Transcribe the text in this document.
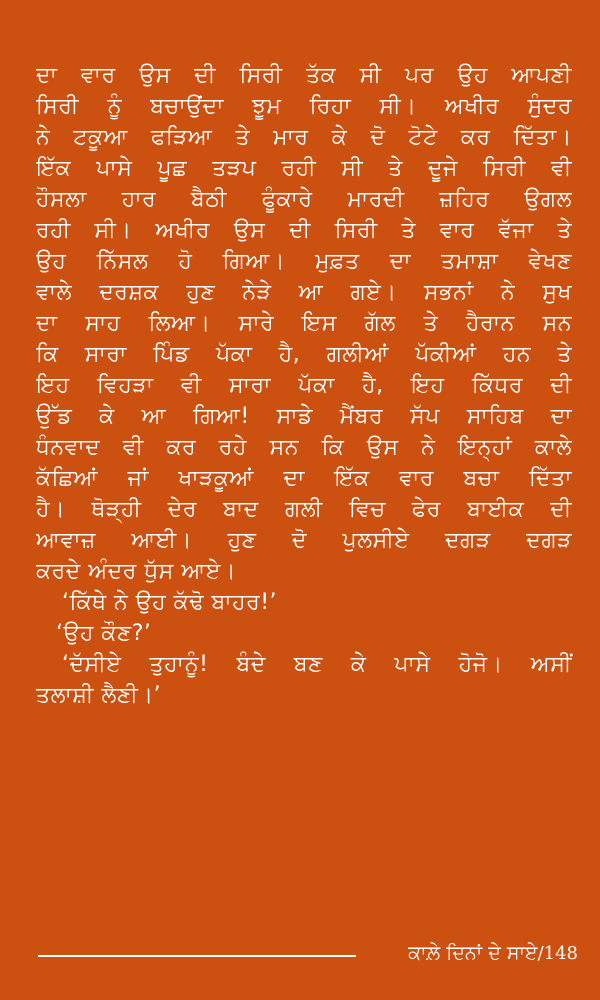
ਦਾ ਵਾਰ ਉਸ ਦੀ ਸਿਰੀ ਤੱਕ ਸੀ ਪਰ ਉਹ ਆਪਣੀ
ਸਿਰੀ ਨੂੰ ਬਚਾਉਂਦਾ ਝੂਮ ਰਿਹਾ ਸੀ। ਅਖੀਰ ਸੁੰਦਰ
ਨੇ ਟਕੂਆ ਫੜਿਆ ਤੇ ਮਾਰ ਕੇ ਦੋ ਟੋਟੇ ਕਰ ਦਿੱਤਾ।
ਇੱਕ ਪਾਸੇ ਪੂਛ ਤੜਪ ਰਹੀ ਸੀ ਤੇ ਦੂਜੇ ਸਿਰੀ ਵੀ
ਹੌਸਲਾ ਹਾਰ ਬੈਠੀ ਫੂੰਕਾਰੇ ਮਾਰਦੀ ਜ਼ਹਿਰ ਉਗਲ
ਰਹੀ ਸੀ। ਅਖੀਰ ਉਸ ਦੀ ਸਿਰੀ ਤੇ ਵਾਰ ਵੱਜਾ ਤੇ
ਉਹ ਨਿੱਸਲ ਹੋ ਗਿਆ। ਮੁਫ਼ਤ ਦਾ ਤਮਾਸ਼ਾ ਵੇਖਣ
ਵਾਲੇ ਦਰਸ਼ਕ ਹੁਣ ਨੇੜੇ ਆ ਗਏ। ਸਭਨਾਂ ਨੇ ਸੁਖ
ਦਾ ਸਾਹ ਲਿਆ। ਸਾਰੇ ਇਸ ਗੱਲ ਤੇ ਹੈਰਾਨ ਸਨ
ਕਿ ਸਾਰਾ ਪਿੰਡ ਪੱਕਾ ਹੈ, ਗਲੀਆਂ ਪੱਕੀਆਂ ਹਨ ਤੇ
ਇਹ ਵਿਹੜਾ ਵੀ ਸਾਰਾ ਪੱਕਾ ਹੈ, ਇਹ ਕਿੱਧਰ ਦੀ
ਉੱਡ ਕੇ ਆ ਗਿਆ! ਸਾਡੇ ਮੈਂਬਰ ਸੱਪ ਸਾਹਿਬ ਦਾ
ਧੰਨਵਾਦ ਵੀ ਕਰ ਰਹੇ ਸਨ ਕਿ ਉਸ ਨੇ ਇਨ੍ਹਾਂ ਕਾਲੇ
ਕੱਛਿਆਂ ਜਾਂ ਖਾੜਕੂਆਂ ਦਾ ਇੱਕ ਵਾਰ ਬਚਾ ਦਿੱਤਾ
ਹੈ। ਥੋੜ੍ਹੀ ਦੇਰ ਬਾਦ ਗਲੀ ਵਿਚ ਫੇਰ ਬਾਈਕ ਦੀ
ਆਵਾਜ਼ ਆਈ। ਹੁਣ ਦੋ ਪੁਲਸੀਏ ਦਗੜ ਦਗੜ
ਕਰਦੇ ਅੰਦਰ ਧੁੱਸ ਆਏ।
‘ਕਿੱਥੇ ਨੇ ਉਹ ਕੱਢੋ ਬਾਹਰ!’
‘ਉਹ ਕੌਣ?’
‘ਦੱਸੀਏ ਤੁਹਾਨੂੰ! ਬੰਦੇ ਬਣ ਕੇ ਪਾਸੇ ਹੋਜੋ। ਅਸੀਂ
ਤਲਾਸ਼ੀ ਲੈਣੀ।’
ਕਾਲ਼ੇ ਦਿਨਾਂ ਦੇ ਸਾਏ/148
